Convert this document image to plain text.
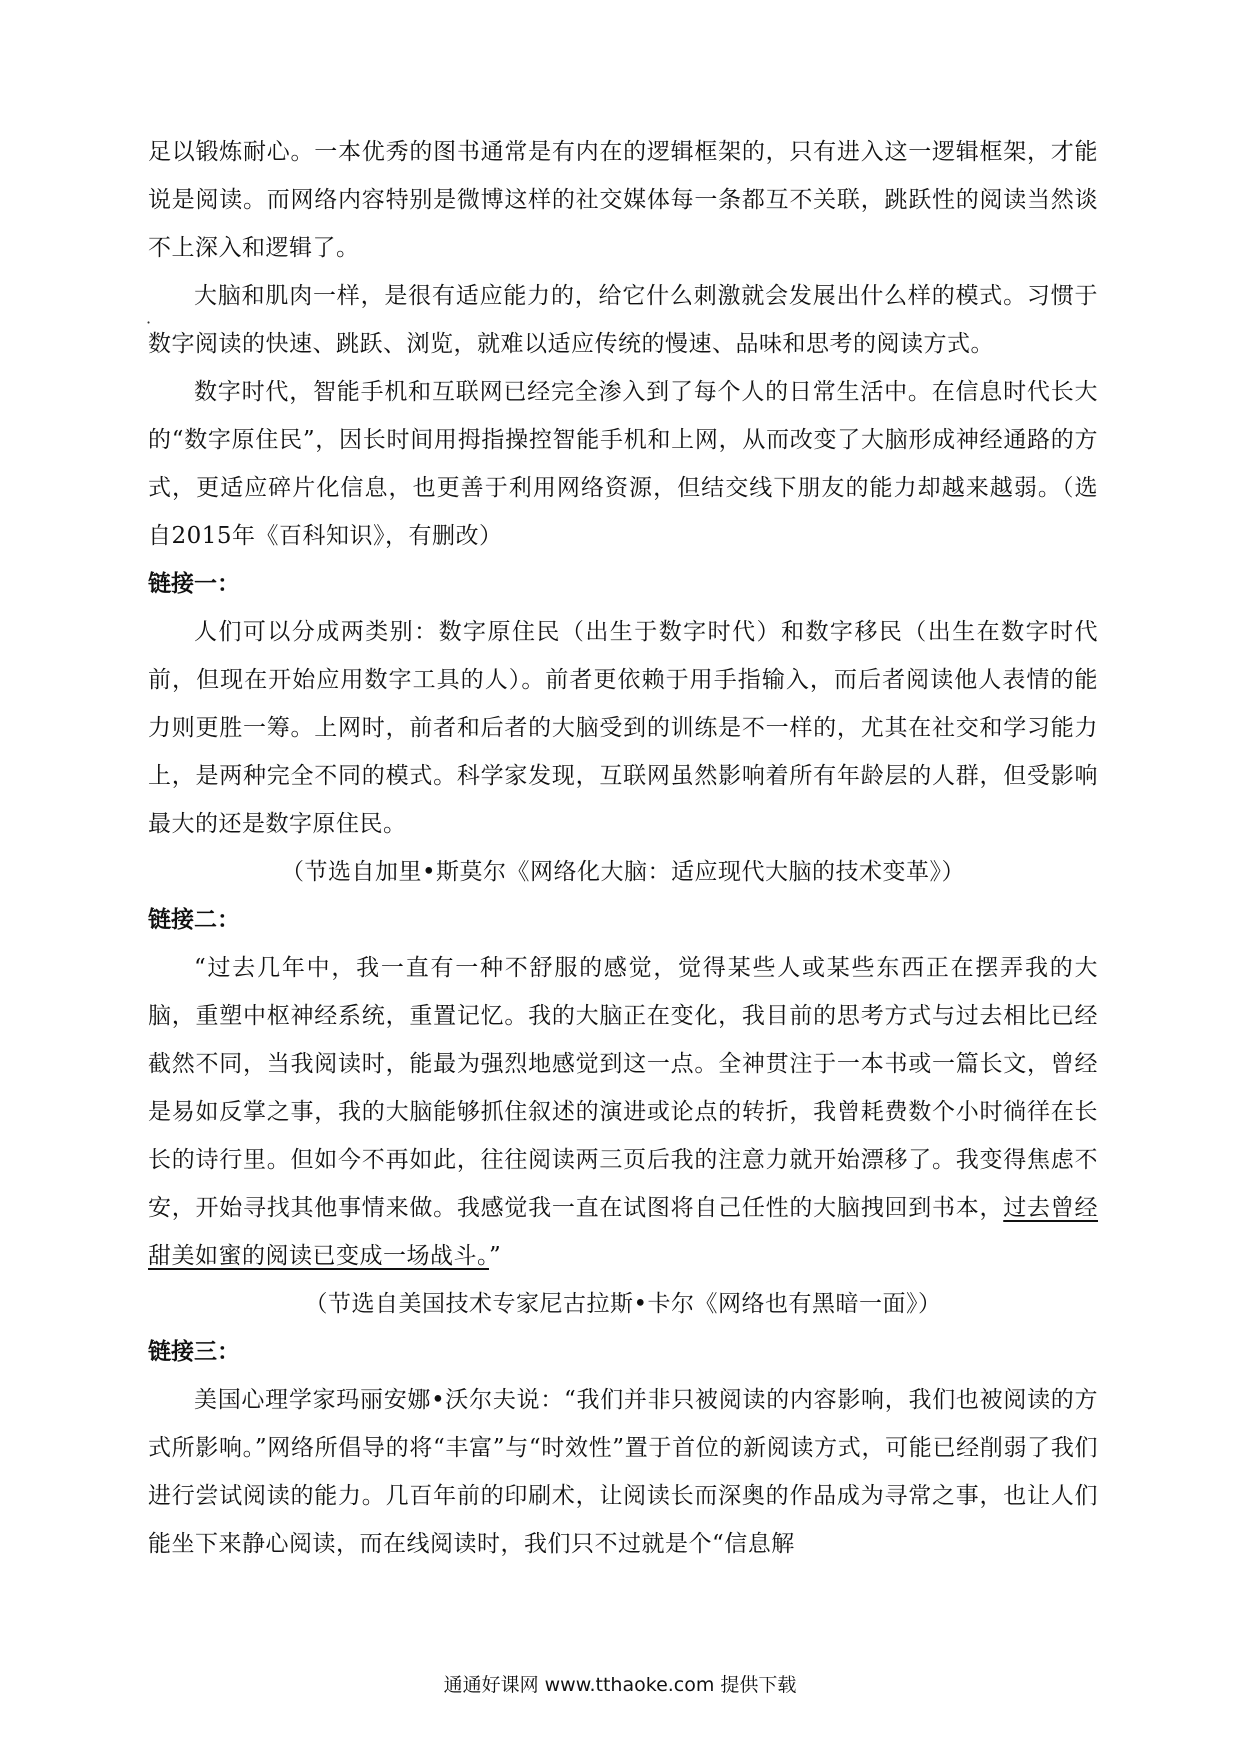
足以锻炼耐心。一本优秀的图书通常是有内在的逻辑框架的，只有进入这一逻辑框架，才能说是阅读。而网络内容特别是微博这样的社交媒体每一条都互不关联，跳跃性的阅读当然谈不上深入和逻辑了。

大脑和肌肉一样，是很有适应能力的，给它什么刺激就会发展出什么样的模式。习惯于数字阅读的快速、跳跃、浏览，就难以适应传统的慢速、品味和思考的阅读方式。

数字时代，智能手机和互联网已经完全渗入到了每个人的日常生活中。在信息时代长大的“数字原住民”，因长时间用拇指操控智能手机和上网，从而改变了大脑形成神经通路的方式，更适应碎片化信息，也更善于利用网络资源，但结交线下朋友的能力却越来越弱。（选自2015年《百科知识》，有删改）

链接一：

人们可以分成两类别：数字原住民（出生于数字时代）和数字移民（出生在数字时代前，但现在开始应用数字工具的人）。前者更依赖于用手指输入，而后者阅读他人表情的能力则更胜一筹。上网时，前者和后者的大脑受到的训练是不一样的，尤其在社交和学习能力上，是两种完全不同的模式。科学家发现，互联网虽然影响着所有年龄层的人群，但受影响最大的还是数字原住民。

（节选自加里•斯莫尔《网络化大脑：适应现代大脑的技术变革》）

链接二：

“过去几年中，我一直有一种不舒服的感觉，觉得某些人或某些东西正在摆弄我的大脑，重塑中枢神经系统，重置记忆。我的大脑正在变化，我目前的思考方式与过去相比已经截然不同，当我阅读时，能最为强烈地感觉到这一点。全神贯注于一本书或一篇长文，曾经是易如反掌之事，我的大脑能够抓住叙述的演进或论点的转折，我曾耗费数个小时徜徉在长长的诗行里。但如今不再如此，往往阅读两三页后我的注意力就开始漂移了。我变得焦虑不安，开始寻找其他事情来做。我感觉我一直在试图将自己任性的大脑拽回到书本，过去曾经甜美如蜜的阅读已变成一场战斗。”

（节选自美国技术专家尼古拉斯•卡尔《网络也有黑暗一面》）

链接三：

美国心理学家玛丽安娜•沃尔夫说：“我们并非只被阅读的内容影响，我们也被阅读的方式所影响。”网络所倡导的将“丰富”与“时效性”置于首位的新阅读方式，可能已经削弱了我们进行尝试阅读的能力。几百年前的印刷术，让阅读长而深奥的作品成为寻常之事，也让人们能坐下来静心阅读，而在线阅读时，我们只不过就是个“信息解

·
通通好课网 www.tthaoke.com 提供下载
